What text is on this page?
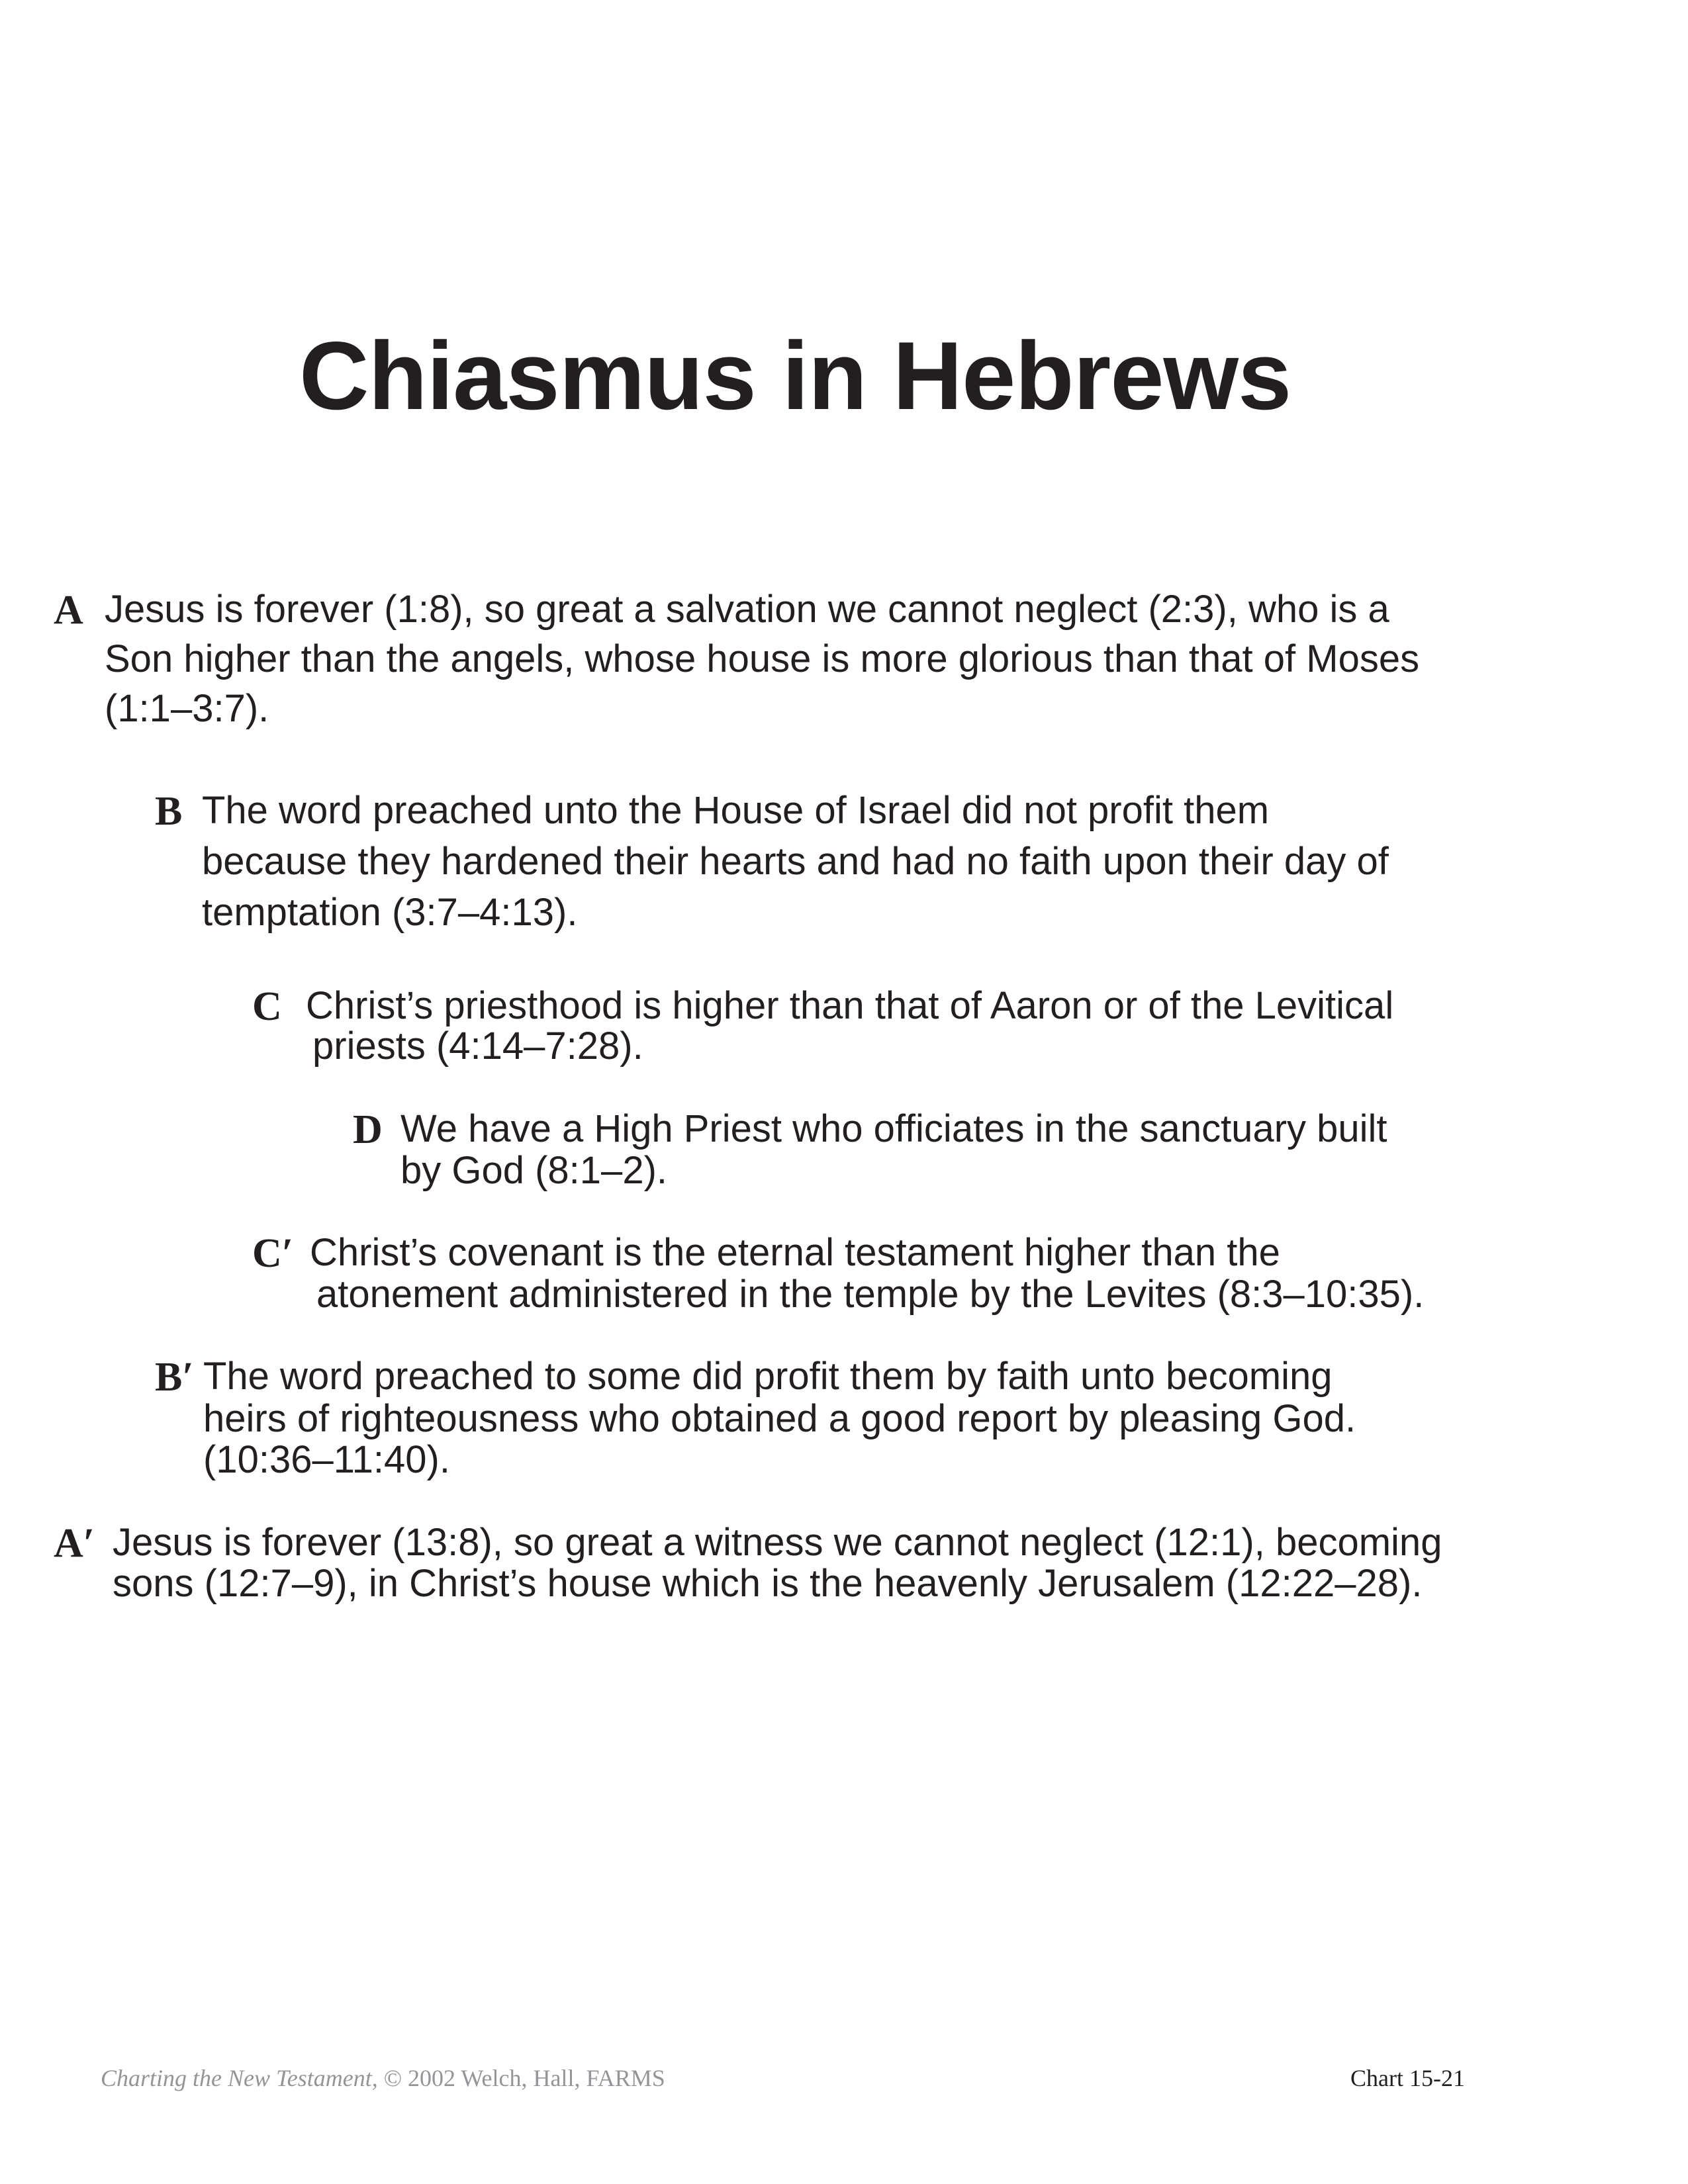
Chiasmus in Hebrews
A Jesus is forever (1:8), so great a salvation we cannot neglect (2:3), who is a
Son higher than the angels, whose house is more glorious than that of Moses
(1:1–3:7).
B The word preached unto the House of Israel did not profit them
because they hardened their hearts and had no faith upon their day of
temptation (3:7–4:13).
C Christ’s priesthood is higher than that of Aaron or of the Levitical
priests (4:14–7:28).
D We have a High Priest who officiates in the sanctuary built
by God (8:1–2).
C′ Christ’s covenant is the eternal testament higher than the
atonement administered in the temple by the Levites (8:3–10:35).
B′ The word preached to some did profit them by faith unto becoming
heirs of righteousness who obtained a good report by pleasing God.
(10:36–11:40).
A′ Jesus is forever (13:8), so great a witness we cannot neglect (12:1), becoming
sons (12:7–9), in Christ’s house which is the heavenly Jerusalem (12:22–28).
Charting the New Testament, © 2002 Welch, Hall, FARMS	Chart 15-21
